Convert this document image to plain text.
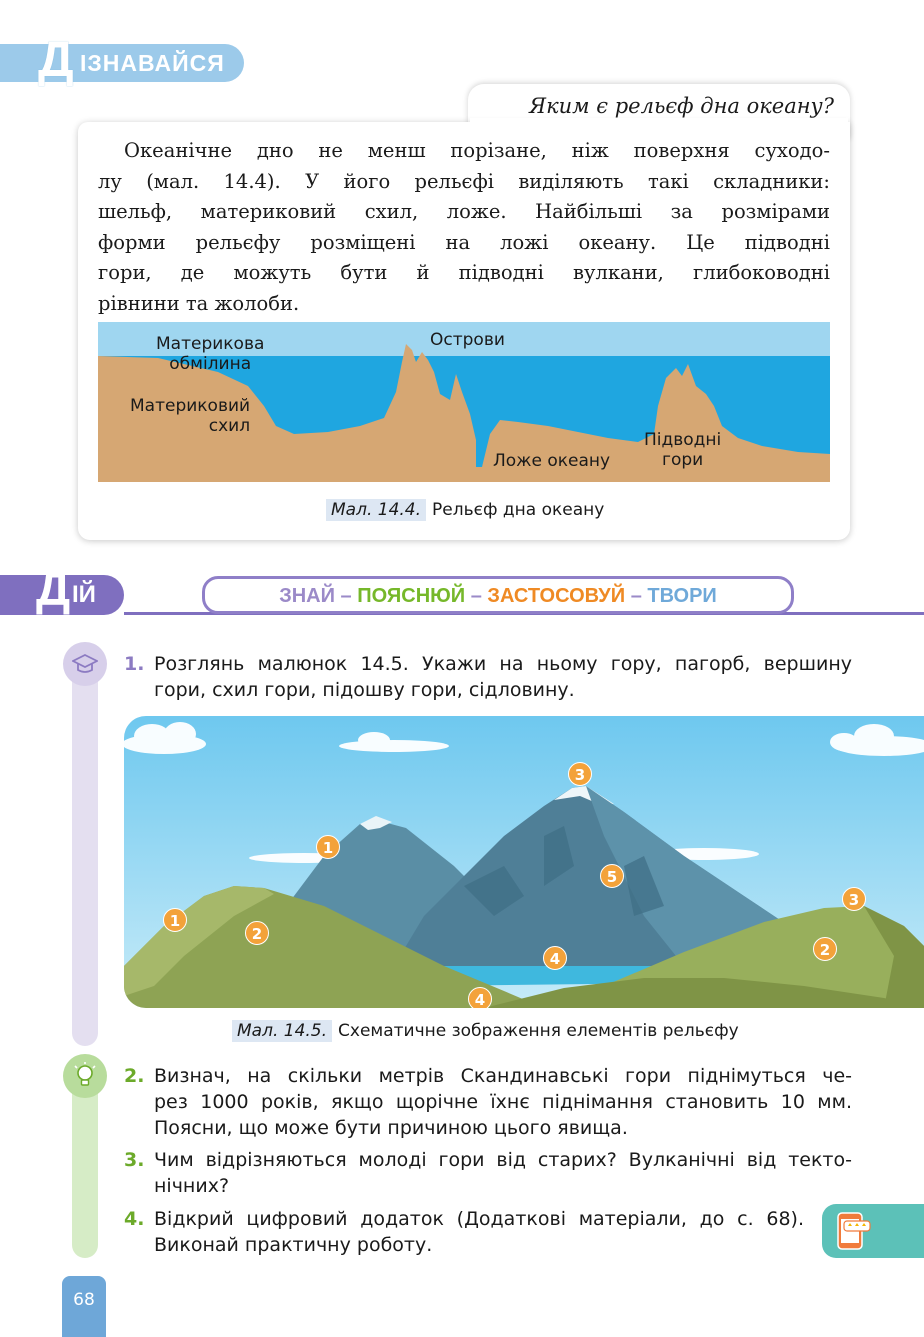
Д ІЗНАВАЙСЯ
Яким є рельєф дна океану?
Океанічне дно не менш порізане, ніж поверхня суходо-
лу (мал. 14.4). У його рельєфі виділяють такі складники:
шельф, материковий схил, ложе. Найбільші за розмірами
форми рельєфу розміщені на ложі океану. Це підводні
гори, де можуть бути й підводні вулкани, глибоководні
рівнини та жолоби.
Материкова
обмілина
Материковий
схил
Острови
Ложе океану
Підводні
гори
Мал. 14.4. Рельєф дна океану
Д ІЙ	ЗНАЙ – ПОЯСНЮЙ – ЗАСТОСОВУЙ – ТВОРИ
1. Розглянь малюнок 14.5. Укажи на ньому гору, пагорб, вершину
гори, схил гори, підошву гори, сідловину.
3
1
5
3
1
2
2
4
4
Мал. 14.5. Схематичне зображення елементів рельєфу
2. Визнач, на скільки метрів Скандинавські гори піднімуться че-
рез 1000 років, якщо щорічне їхнє піднімання становить 10 мм.
Поясни, що може бути причиною цього явища.
3. Чим відрізняються молоді гори від старих? Вулканічні від текто-
нічних?
4. Відкрий цифровий додаток (Додаткові матеріали, до с. 68).
Виконай практичну роботу.
68
